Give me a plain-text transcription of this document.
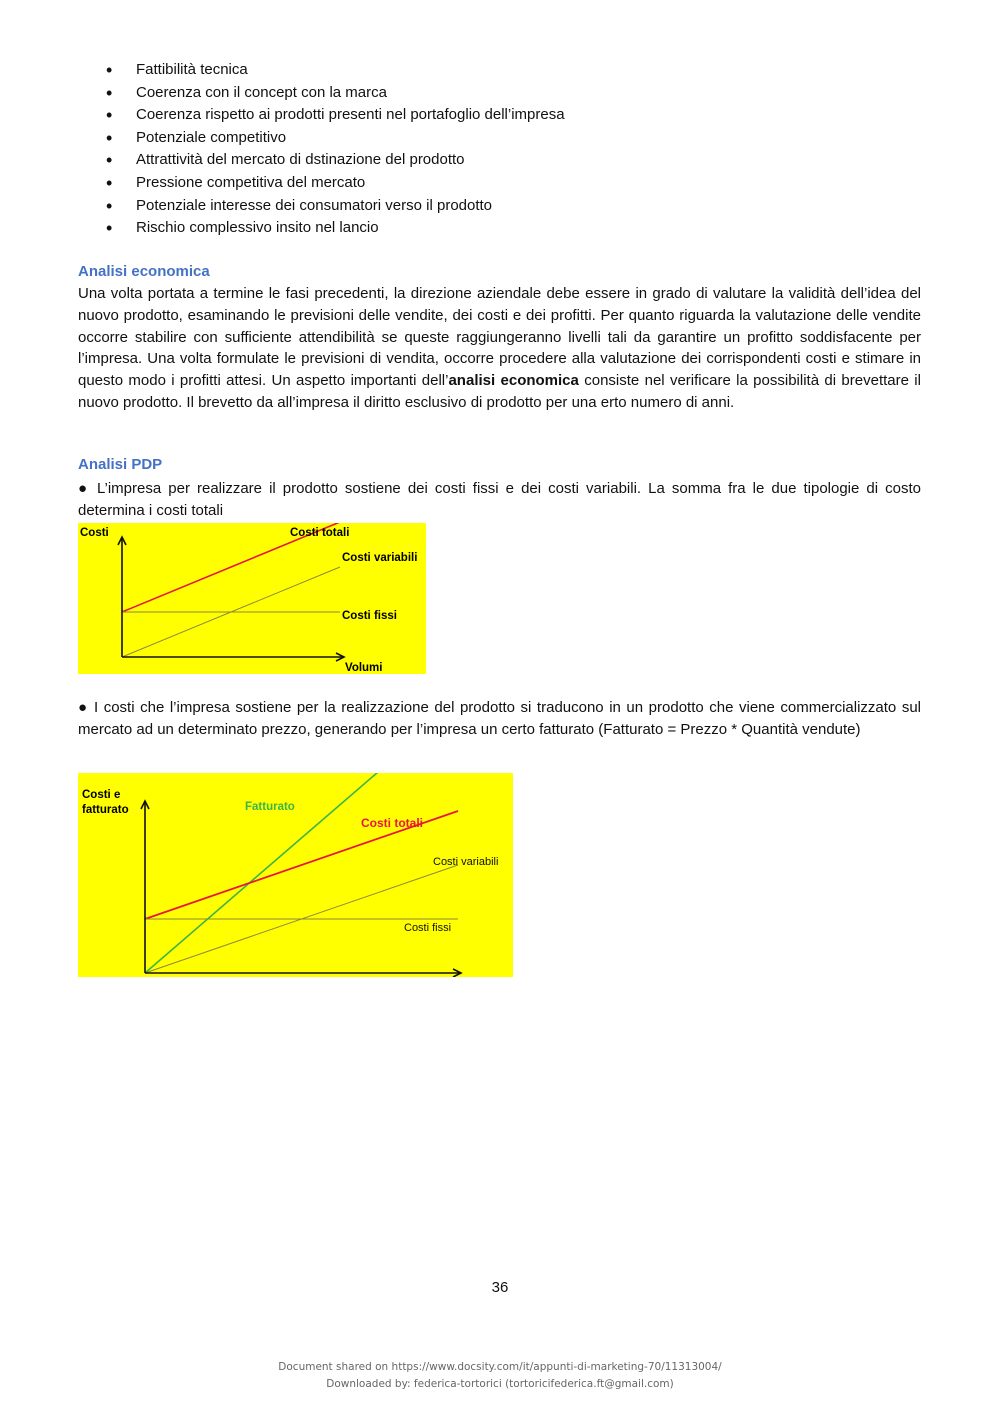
• Fattibilità tecnica
• Coerenza con il concept con la marca
• Coerenza rispetto ai prodotti presenti nel portafoglio dell’impresa
• Potenziale competitivo
• Attrattività del mercato di dstinazione del prodotto
• Pressione competitiva del mercato
• Potenziale interesse dei consumatori verso il prodotto
• Rischio complessivo insito nel lancio
Analisi economica

Una volta portata a termine le fasi precedenti, la direzione aziendale debe essere in grado di valutare la validità dell’idea del nuovo prodotto, esaminando le previsioni delle vendite, dei costi e dei profitti. Per quanto riguarda la valutazione delle vendite occorre stabilire con sufficiente attendibilità se queste raggiungeranno livelli tali da garantire un profitto soddisfacente per l’impresa. Una volta formulate le previsioni di vendita, occorre procedere alla valutazione dei corrispondenti costi e stimare in questo modo i profitti attesi. Un aspetto importanti dell’analisi economica consiste nel verificare la possibilità di brevettare il nuovo prodotto. Il brevetto da all’impresa il diritto esclusivo di prodotto per una erto numero di anni.

Analisi PDP

● L’impresa per realizzare il prodotto sostiene dei costi fissi e dei costi variabili. La somma fra le due tipologie di costo determina i costi totali

Costi
Volumi
Costi totali
Costi variabili
Costi fissi

● I costi che l’impresa sostiene per la realizzazione del prodotto si traducono in un prodotto che viene commercializzato sul mercato ad un determinato prezzo, generando per l’impresa un certo fatturato (Fatturato = Prezzo * Quantità vendute)

Costi e fatturato	Fatturato
Costi totali
Costi variabili
Costi fissi
36
Document shared on https://www.docsity.com/it/appunti-di-marketing-70/11313004/
Downloaded by: federica-tortorici (tortoricifederica.ft@gmail.com)
